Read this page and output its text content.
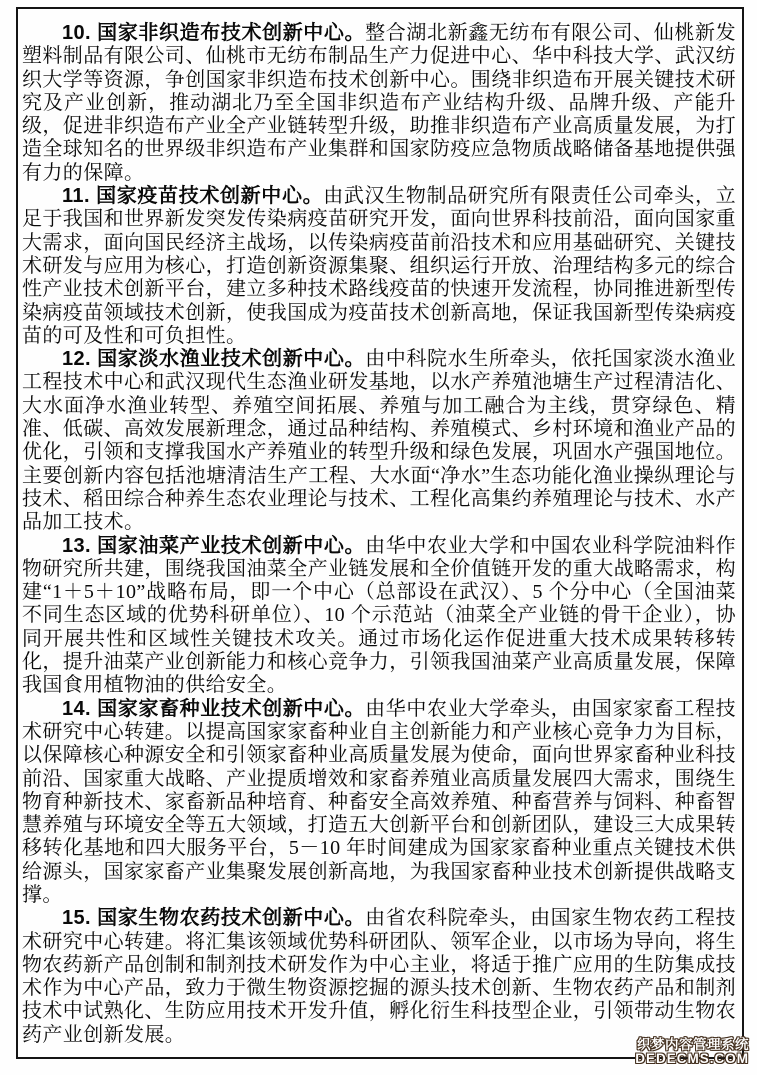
10. 国家非织造布技术创新中心。整合湖北新鑫无纺布有限公司、仙桃新发塑料制品有限公司、仙桃市无纺布制品生产力促进中心、华中科技大学、武汉纺织大学等资源，争创国家非织造布技术创新中心。围绕非织造布开展关键技术研究及产业创新，推动湖北乃至全国非织造布产业结构升级、品牌升级、产能升级，促进非织造布产业全产业链转型升级，助推非织造布产业高质量发展，为打造全球知名的世界级非织造布产业集群和国家防疫应急物质战略储备基地提供强有力的保障。

11. 国家疫苗技术创新中心。由武汉生物制品研究所有限责任公司牵头，立足于我国和世界新发突发传染病疫苗研究开发，面向世界科技前沿，面向国家重大需求，面向国民经济主战场，以传染病疫苗前沿技术和应用基础研究、关键技术研发与应用为核心，打造创新资源集聚、组织运行开放、治理结构多元的综合性产业技术创新平台，建立多种技术路线疫苗的快速开发流程，协同推进新型传染病疫苗领域技术创新，使我国成为疫苗技术创新高地，保证我国新型传染病疫苗的可及性和可负担性。

12. 国家淡水渔业技术创新中心。由中科院水生所牵头，依托国家淡水渔业工程技术中心和武汉现代生态渔业研发基地，以水产养殖池塘生产过程清洁化、大水面净水渔业转型、养殖空间拓展、养殖与加工融合为主线，贯穿绿色、精准、低碳、高效发展新理念，通过品种结构、养殖模式、乡村环境和渔业产品的优化，引领和支撑我国水产养殖业的转型升级和绿色发展，巩固水产强国地位。主要创新内容包括池塘清洁生产工程、大水面“净水”生态功能化渔业操纵理论与技术、稻田综合种养生态农业理论与技术、工程化高集约养殖理论与技术、水产品加工技术。

13. 国家油菜产业技术创新中心。由华中农业大学和中国农业科学院油料作物研究所共建，围绕我国油菜全产业链发展和全价值链开发的重大战略需求，构建“1＋5＋10”战略布局，即一个中心（总部设在武汉）、5 个分中心（全国油菜不同生态区域的优势科研单位）、10 个示范站（油菜全产业链的骨干企业），协同开展共性和区域性关键技术攻关。通过市场化运作促进重大技术成果转移转化，提升油菜产业创新能力和核心竞争力，引领我国油菜产业高质量发展，保障我国食用植物油的供给安全。

14. 国家家畜种业技术创新中心。由华中农业大学牵头，由国家家畜工程技术研究中心转建。以提高国家家畜种业自主创新能力和产业核心竞争力为目标，以保障核心种源安全和引领家畜种业高质量发展为使命，面向世界家畜种业科技前沿、国家重大战略、产业提质增效和家畜养殖业高质量发展四大需求，围绕生物育种新技术、家畜新品种培育、种畜安全高效养殖、种畜营养与饲料、种畜智慧养殖与环境安全等五大领域，打造五大创新平台和创新团队，建设三大成果转移转化基地和四大服务平台，5－10 年时间建成为国家家畜种业重点关键技术供给源头，国家家畜产业集聚发展创新高地，为我国家畜种业技术创新提供战略支撑。

15. 国家生物农药技术创新中心。由省农科院牵头，由国家生物农药工程技术研究中心转建。将汇集该领域优势科研团队、领军企业，以市场为导向，将生物农药新产品创制和制剂技术研发作为中心主业，将适于推广应用的生防集成技术作为中心产品，致力于微生物资源挖掘的源头技术创新、生物农药产品和制剂技术中试熟化、生防应用技术开发升值，孵化衍生科技型企业，引领带动生物农药产业创新发展。	织梦内容管理系统
DEDECMS.COM
